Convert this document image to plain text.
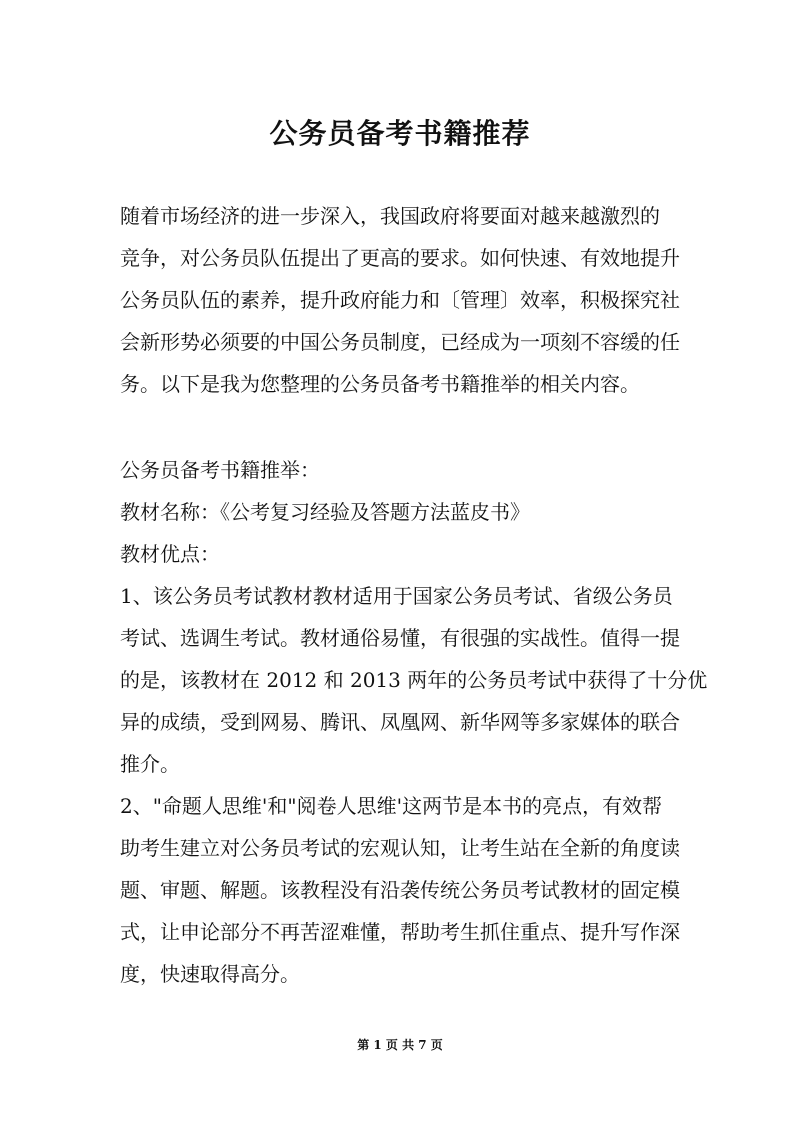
公务员备考书籍推荐

随着市场经济的进一步深入，我国政府将要面对越来越激烈的

竞争，对公务员队伍提出了更高的要求。如何快速、有效地提升

公务员队伍的素养，提升政府能力和〔管理〕效率，积极探究社

会新形势必须要的中国公务员制度，已经成为一项刻不容缓的任

务。以下是我为您整理的公务员备考书籍推举的相关内容。

公务员备考书籍推举：

教材名称：《公考复习经验及答题方法蓝皮书》

教材优点：

1、该公务员考试教材教材适用于国家公务员考试、省级公务员

考试、选调生考试。教材通俗易懂，有很强的实战性。值得一提

的是，该教材在 2012 和 2013 两年的公务员考试中获得了十分优

异的成绩，受到网易、腾讯、凤凰网、新华网等多家媒体的联合

推介。

2、"命题人思维'和"阅卷人思维'这两节是本书的亮点，有效帮

助考生建立对公务员考试的宏观认知，让考生站在全新的角度读

题、审题、解题。该教程没有沿袭传统公务员考试教材的固定模

式，让申论部分不再苦涩难懂，帮助考生抓住重点、提升写作深

度，快速取得高分。

第 1 页 共 7 页
